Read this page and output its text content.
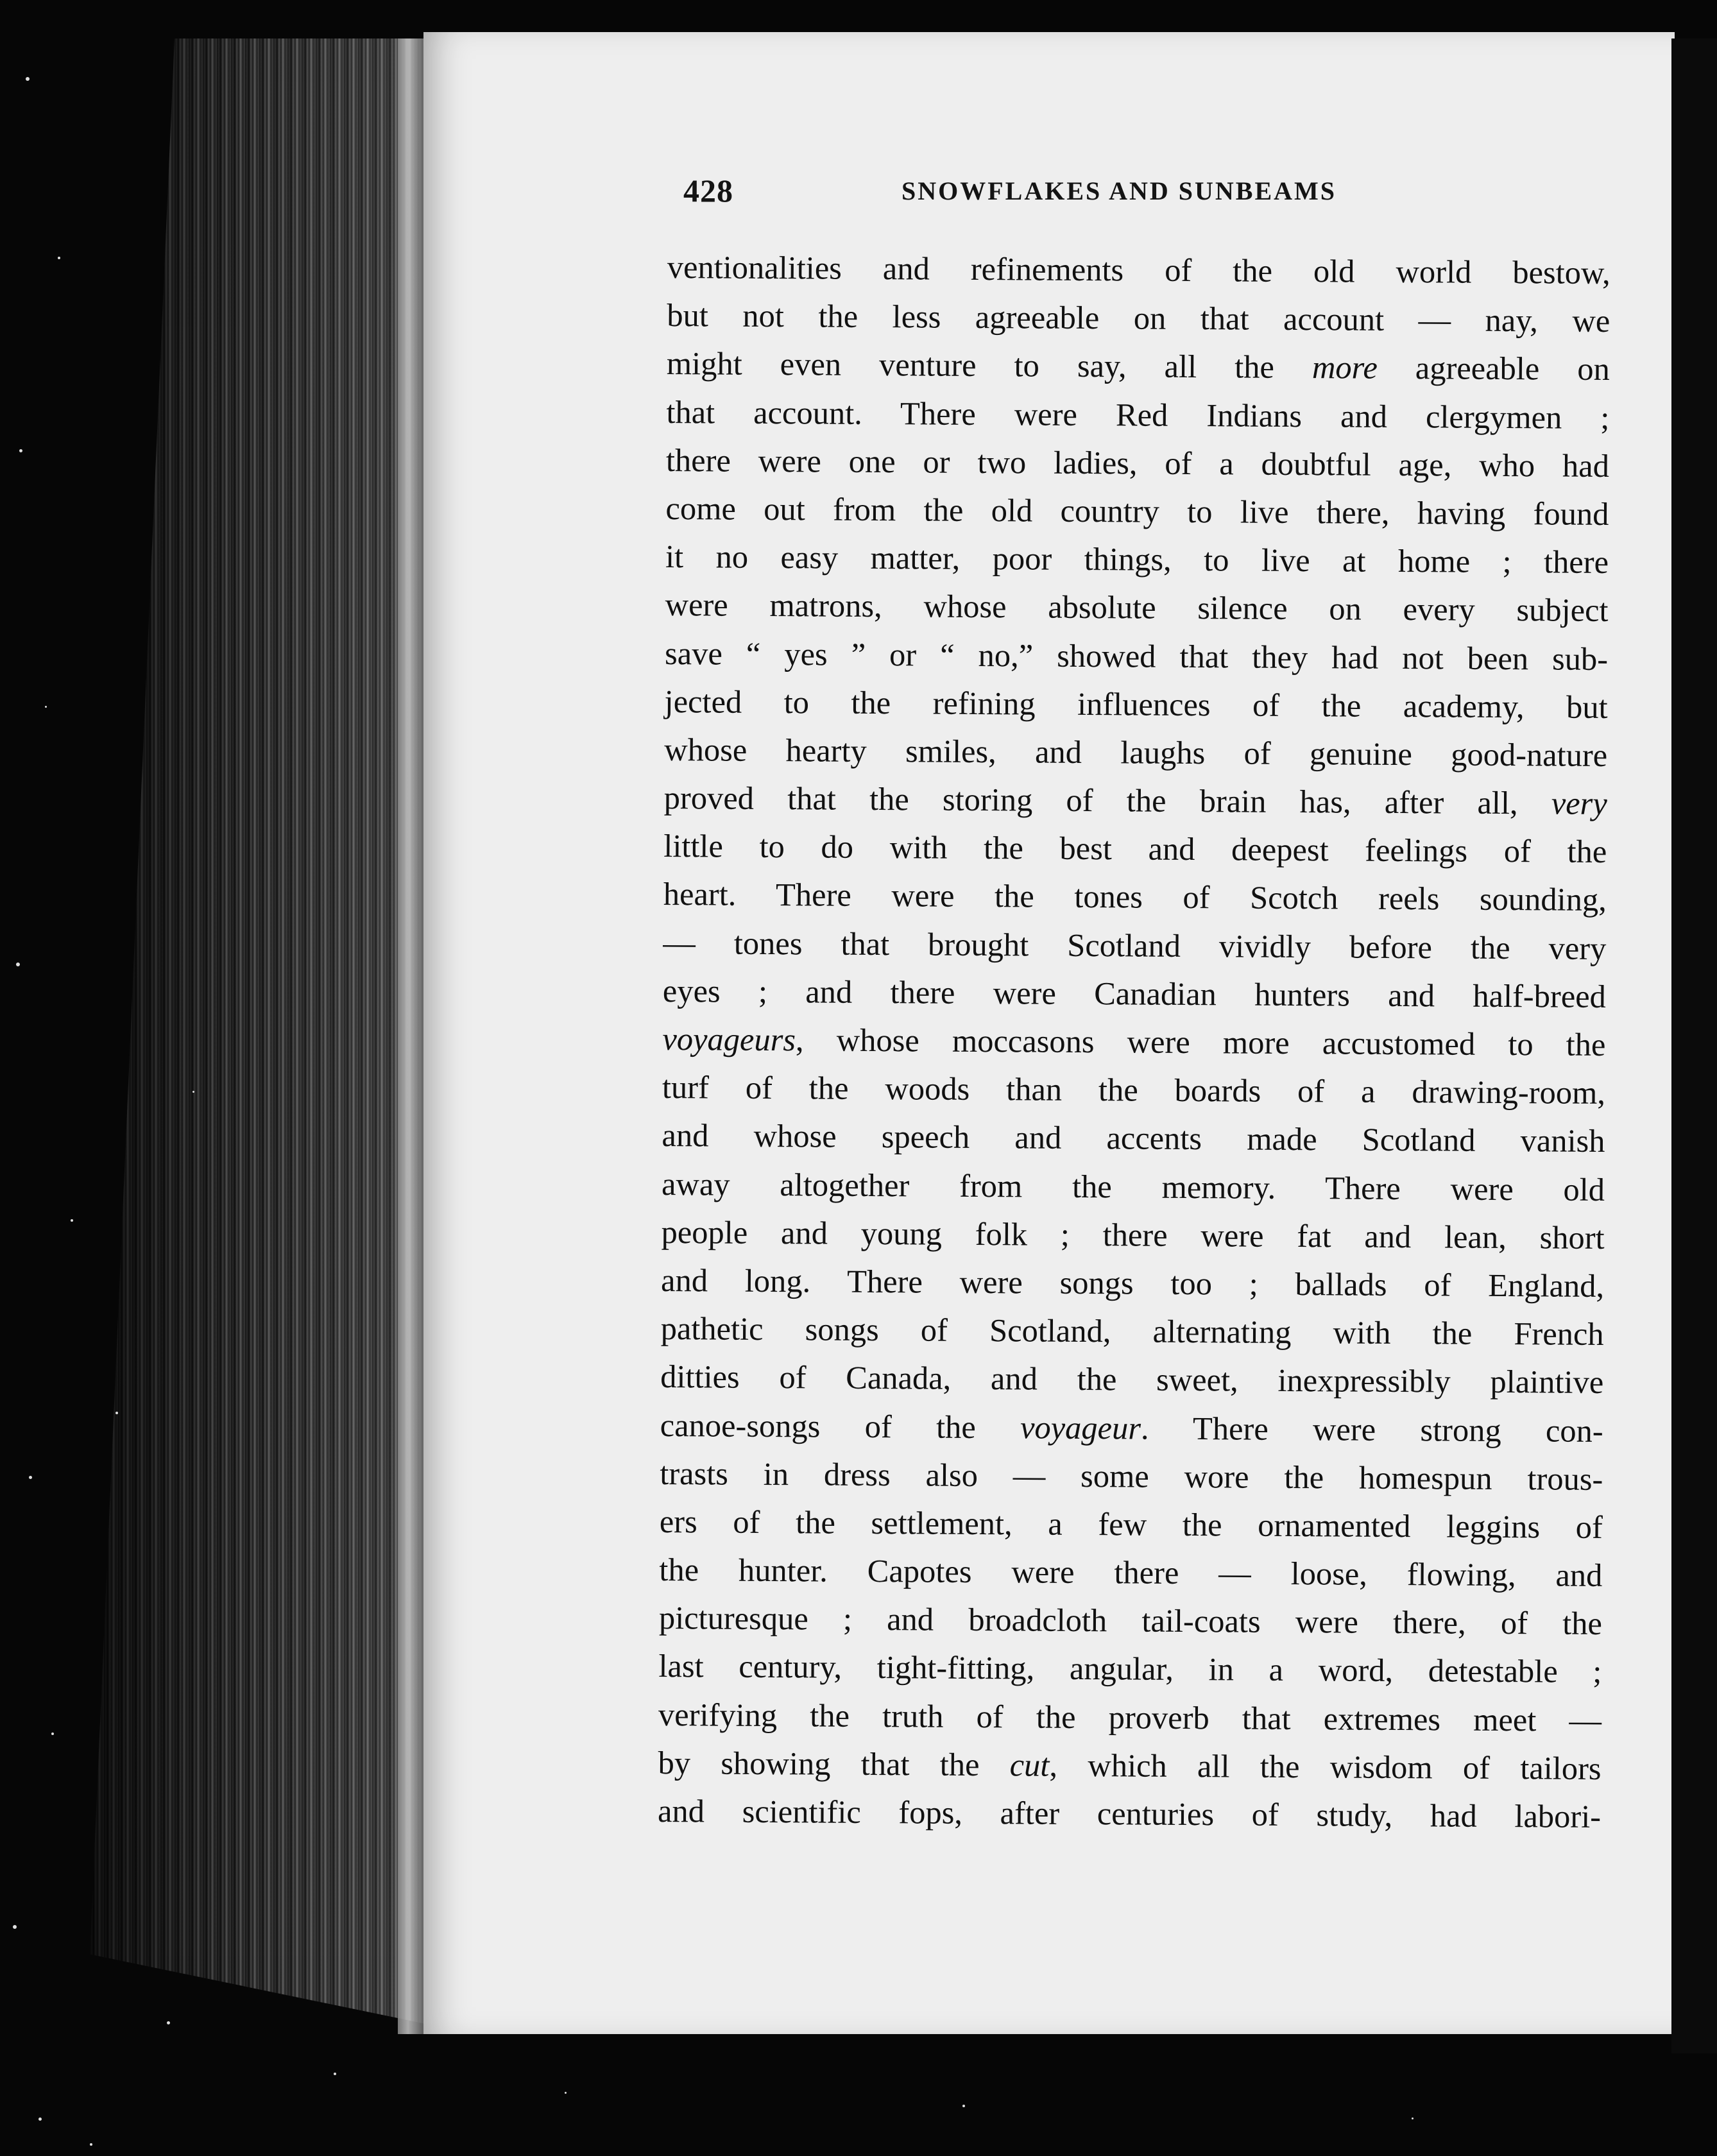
428	SNOWFLAKES AND SUNBEAMS
ventionalities and refinements of the old world bestow,
but not the less agreeable on that account — nay, we
might even venture to say, all the more agreeable on
that account. There were Red Indians and clergymen ;
there were one or two ladies, of a doubtful age, who had
come out from the old country to live there, having found
it no easy matter, poor things, to live at home ; there
were matrons, whose absolute silence on every subject
save “ yes ” or “ no,” showed that they had not been sub-
jected to the refining influences of the academy, but
whose hearty smiles, and laughs of genuine good-nature
proved that the storing of the brain has, after all, very
little to do with the best and deepest feelings of the
heart. There were the tones of Scotch reels sounding,
— tones that brought Scotland vividly before the very
eyes ; and there were Canadian hunters and half-breed
voyageurs, whose moccasons were more accustomed to the
turf of the woods than the boards of a drawing-room,
and whose speech and accents made Scotland vanish
away altogether from the memory. There were old
people and young folk ; there were fat and lean, short
and long. There were songs too ; ballads of England,
pathetic songs of Scotland, alternating with the French
ditties of Canada, and the sweet, inexpressibly plaintive
canoe-songs of the voyageur. There were strong con-
trasts in dress also — some wore the homespun trous-
ers of the settlement, a few the ornamented leggins of
the hunter. Capotes were there — loose, flowing, and
picturesque ; and broadcloth tail-coats were there, of the
last century, tight-fitting, angular, in a word, detestable ;
verifying the truth of the proverb that extremes meet —
by showing that the cut, which all the wisdom of tailors
and scientific fops, after centuries of study, had labori-
